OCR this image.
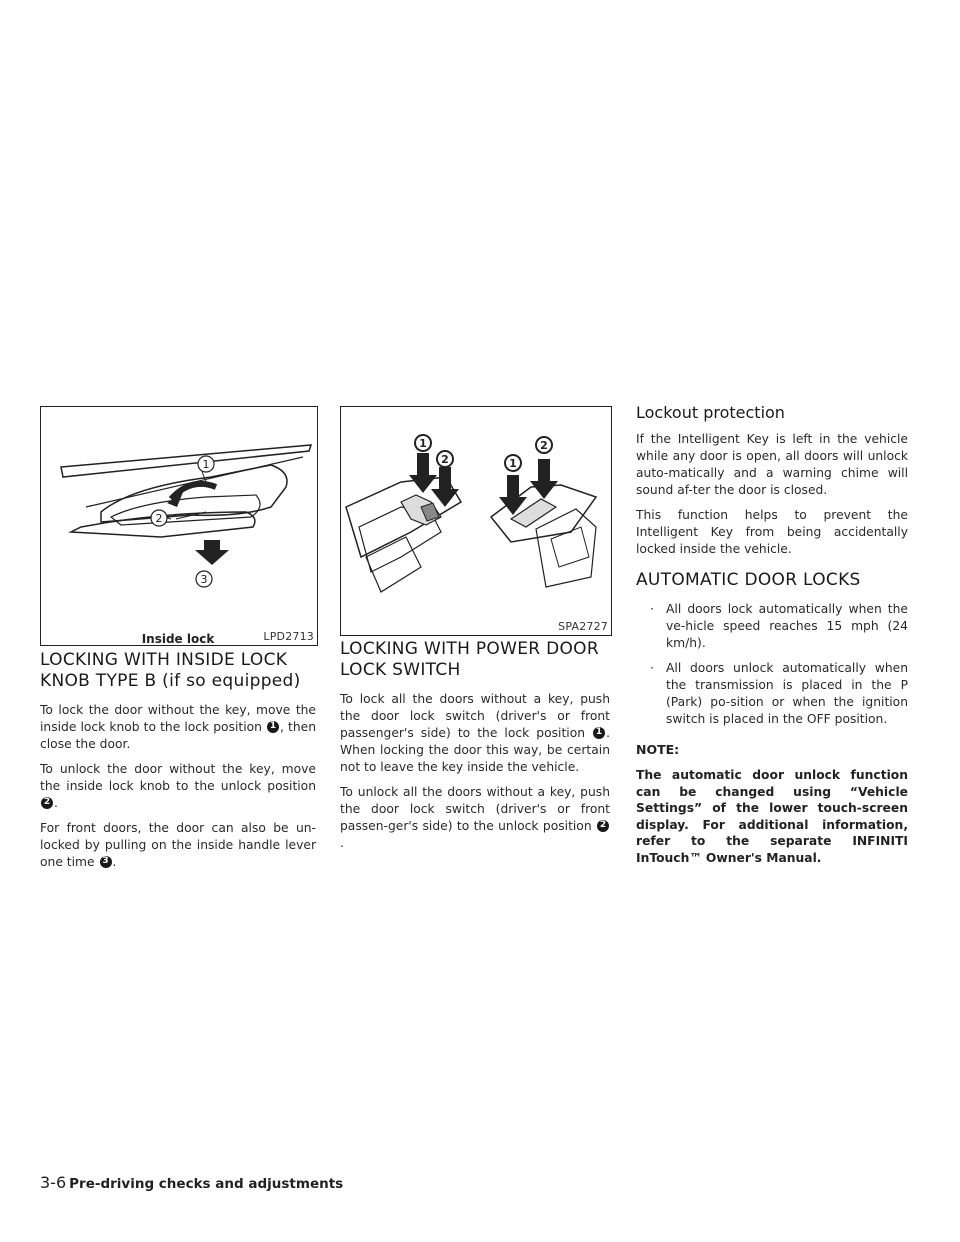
1
2
3
LPD2713
Inside lock
1
2	1
2
SPA2727
LOCKING WITH INSIDE LOCK KNOB TYPE B (if so equipped)

To lock the door without the key, move the inside lock knob to the lock position 1 , then close the door.

To unlock the door without the key, move the inside lock knob to the unlock position 2 .

For front doors, the door can also be un-locked by pulling on the inside handle lever one time 3 .

LOCKING WITH POWER DOOR LOCK SWITCH

To lock all the doors without a key, push the door lock switch (driver's or front passenger's side) to the lock position 1 . When locking the door this way, be certain not to leave the key inside the vehicle.

To unlock all the doors without a key, push the door lock switch (driver's or front passen-ger's side) to the unlock position 2.

Lockout protection

If the Intelligent Key is left in the vehicle while any door is open, all doors will unlock auto-matically and a warning chime will sound af-ter the door is closed.

This function helps to prevent the Intelligent Key from being accidentally locked inside the vehicle.

AUTOMATIC DOOR LOCKS
· All doors lock automatically when the ve-hicle speed reaches 15 mph (24 km/h).
· All doors unlock automatically when the transmission is placed in the P (Park) po-sition or when the ignition switch is placed in the OFF position.
NOTE:
The automatic door unlock function can be changed using “Vehicle Settings” of the lower touch-screen display. For additional information, refer to the separate INFINITI InTouch™ Owner's Manual.
3-6 Pre-driving checks and adjustments
